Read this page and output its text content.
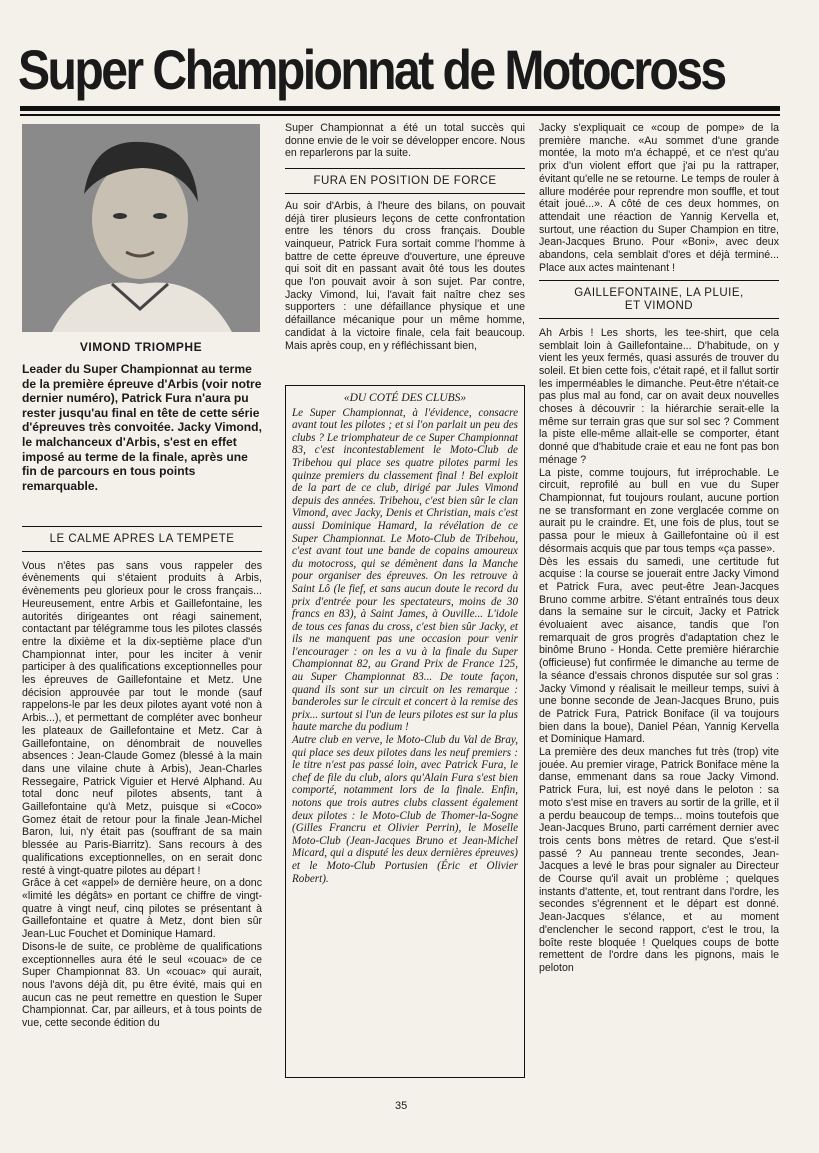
Super Championnat de Motocross
VIMOND TRIOMPHE
Leader du Super Championnat au terme de la première épreuve d'Arbis (voir notre dernier numéro), Patrick Fura n'aura pu rester jusqu'au final en tête de cette série d'épreuves très convoitée. Jacky Vimond, le malchanceux d'Arbis, s'est en effet imposé au terme de la finale, après une fin de parcours en tous points remarquable.
LE CALME APRES LA TEMPETE

Vous n'êtes pas sans vous rappeler des évènements qui s'étaient produits à Arbis, évènements peu glorieux pour le cross français... Heureusement, entre Arbis et Gaillefontaine, les autorités dirigeantes ont réagi sainement, contactant par télégramme tous les pilotes classés entre la dixième et la dix-septième place d'un Championnat inter, pour les inciter à venir participer à des qualifications exceptionnelles pour les épreuves de Gaillefontaine et Metz. Une décision approuvée par tout le monde (sauf rappelons-le par les deux pilotes ayant voté non à Arbis...), et permettant de compléter avec bonheur les plateaux de Gaillefontaine et Metz. Car à Gaillefontaine, on dénombrait de nouvelles absences : Jean-Claude Gomez (blessé à la main dans une vilaine chute à Arbis), Jean-Charles Ressegaire, Patrick Viguier et Hervé Alphand. Au total donc neuf pilotes absents, tant à Gaillefontaine qu'à Metz, puisque si «Coco» Gomez était de retour pour la finale Jean-Michel Baron, lui, n'y était pas (souffrant de sa main blessée au Paris-Biarritz). Sans recours à des qualifications exceptionnelles, on en serait donc resté à vingt-quatre pilotes au départ !

Grâce à cet «appel» de dernière heure, on a donc «limité les dégâts» en portant ce chiffre de vingt-quatre à vingt neuf, cinq pilotes se présentant à Gaillefontaine et quatre à Metz, dont bien sûr Jean-Luc Fouchet et Dominique Hamard.

Disons-le de suite, ce problème de qualifications exceptionnelles aura été le seul «couac» de ce Super Championnat 83. Un «couac» qui aurait, nous l'avons déjà dit, pu être évité, mais qui en aucun cas ne peut remettre en question le Super Championnat. Car, par ailleurs, et à tous points de vue, cette seconde édition du

Super Championnat a été un total succès qui donne envie de le voir se développer encore. Nous en reparlerons par la suite.

FURA EN POSITION DE FORCE

Au soir d'Arbis, à l'heure des bilans, on pouvait déjà tirer plusieurs leçons de cette confrontation entre les ténors du cross français. Double vainqueur, Patrick Fura sortait comme l'homme à battre de cette épreuve d'ouverture, une épreuve qui soit dit en passant avait ôté tous les doutes que l'on pouvait avoir à son sujet. Par contre, Jacky Vimond, lui, l'avait fait naître chez ses supporters : une défaillance physique et une défaillance mécanique pour un même homme, candidat à la victoire finale, cela fait beaucoup. Mais après coup, en y réfléchissant bien,

«DU COTÉ DES CLUBS»

Le Super Championnat, à l'évidence, consacre avant tout les pilotes ; et si l'on parlait un peu des clubs ? Le triomphateur de ce Super Championnat 83, c'est incontestablement le Moto-Club de Tribehou qui place ses quatre pilotes parmi les quinze premiers du classement final ! Bel exploit de la part de ce club, dirigé par Jules Vimond depuis des années. Tribehou, c'est bien sûr le clan Vimond, avec Jacky, Denis et Christian, mais c'est aussi Dominique Hamard, la révélation de ce Super Championnat. Le Moto-Club de Tribehou, c'est avant tout une bande de copains amoureux du motocross, qui se démènent dans la Manche pour organiser des épreuves. On les retrouve à Saint Lô (le fief, et sans aucun doute le record du prix d'entrée pour les spectateurs, moins de 30 francs en 83), à Saint James, à Ouville... L'idole de tous ces fanas du cross, c'est bien sûr Jacky, et ils ne manquent pas une occasion pour venir l'encourager : on les a vu à la finale du Super Championnat 82, au Grand Prix de France 125, au Super Championnat 83... De toute façon, quand ils sont sur un circuit on les remarque : banderoles sur le circuit et concert à la remise des prix... surtout si l'un de leurs pilotes est sur la plus haute marche du podium !

Autre club en verve, le Moto-Club du Val de Bray, qui place ses deux pilotes dans les neuf premiers : le titre n'est pas passé loin, avec Patrick Fura, le chef de file du club, alors qu'Alain Fura s'est bien comporté, notamment lors de la finale. Enfin, notons que trois autres clubs classent également deux pilotes : le Moto-Club de Thomer-la-Sogne (Gilles Francru et Olivier Perrin), le Moselle Moto-Club (Jean-Jacques Bruno et Jean-Michel Micard, qui a disputé les deux dernières épreuves) et le Moto-Club Portusien (Éric et Olivier Robert).

Jacky s'expliquait ce «coup de pompe» de la première manche. «Au sommet d'une grande montée, la moto m'a échappé, et ce n'est qu'au prix d'un violent effort que j'ai pu la rattraper, évitant qu'elle ne se retourne. Le temps de rouler à allure modérée pour reprendre mon souffle, et tout était joué...». A côté de ces deux hommes, on attendait une réaction de Yannig Kervella et, surtout, une réaction du Super Champion en titre, Jean-Jacques Bruno. Pour «Boni», avec deux abandons, cela semblait d'ores et déjà terminé... Place aux actes maintenant !

GAILLEFONTAINE, LA PLUIE,
ET VIMOND

Ah Arbis ! Les shorts, les tee-shirt, que cela semblait loin à Gaillefontaine... D'habitude, on y vient les yeux fermés, quasi assurés de trouver du soleil. Et bien cette fois, c'était rapé, et il fallut sortir les imperméables le dimanche. Peut-être n'était-ce pas plus mal au fond, car on avait deux nouvelles choses à découvrir : la hiérarchie serait-elle la même sur terrain gras que sur sol sec ? Comment la piste elle-même allait-elle se comporter, étant donné que d'habitude craie et eau ne font pas bon ménage ?

La piste, comme toujours, fut irréprochable. Le circuit, reprofilé au bull en vue du Super Championnat, fut toujours roulant, aucune portion ne se transformant en zone verglacée comme on aurait pu le craindre. Et, une fois de plus, tout se passa pour le mieux à Gaillefontaine où il est désormais acquis que par tous temps «ça passe».

Dès les essais du samedi, une certitude fut acquise : la course se jouerait entre Jacky Vimond et Patrick Fura, avec peut-être Jean-Jacques Bruno comme arbitre. S'étant entraînés tous deux dans la semaine sur le circuit, Jacky et Patrick évoluaient avec aisance, tandis que l'on remarquait de gros progrès d'adaptation chez le binôme Bruno - Honda. Cette première hiérarchie (officieuse) fut confirmée le dimanche au terme de la séance d'essais chronos disputée sur sol gras : Jacky Vimond y réalisait le meilleur temps, suivi à une bonne seconde de Jean-Jacques Bruno, puis de Patrick Fura, Patrick Boniface (il va toujours bien dans la boue), Daniel Péan, Yannig Kervella et Dominique Hamard.

La première des deux manches fut très (trop) vite jouée. Au premier virage, Patrick Boniface mène la danse, emmenant dans sa roue Jacky Vimond. Patrick Fura, lui, est noyé dans le peloton : sa moto s'est mise en travers au sortir de la grille, et il a perdu beaucoup de temps... moins toutefois que Jean-Jacques Bruno, parti carrément dernier avec trois cents bons mètres de retard. Que s'est-il passé ? Au panneau trente secondes, Jean-Jacques a levé le bras pour signaler au Directeur de Course qu'il avait un problème ; quelques instants d'attente, et, tout rentrant dans l'ordre, les secondes s'égrennent et le départ est donné. Jean-Jacques s'élance, et au moment d'enclencher le second rapport, c'est le trou, la boîte reste bloquée ! Quelques coups de botte remettent de l'ordre dans les pignons, mais le peloton

35
